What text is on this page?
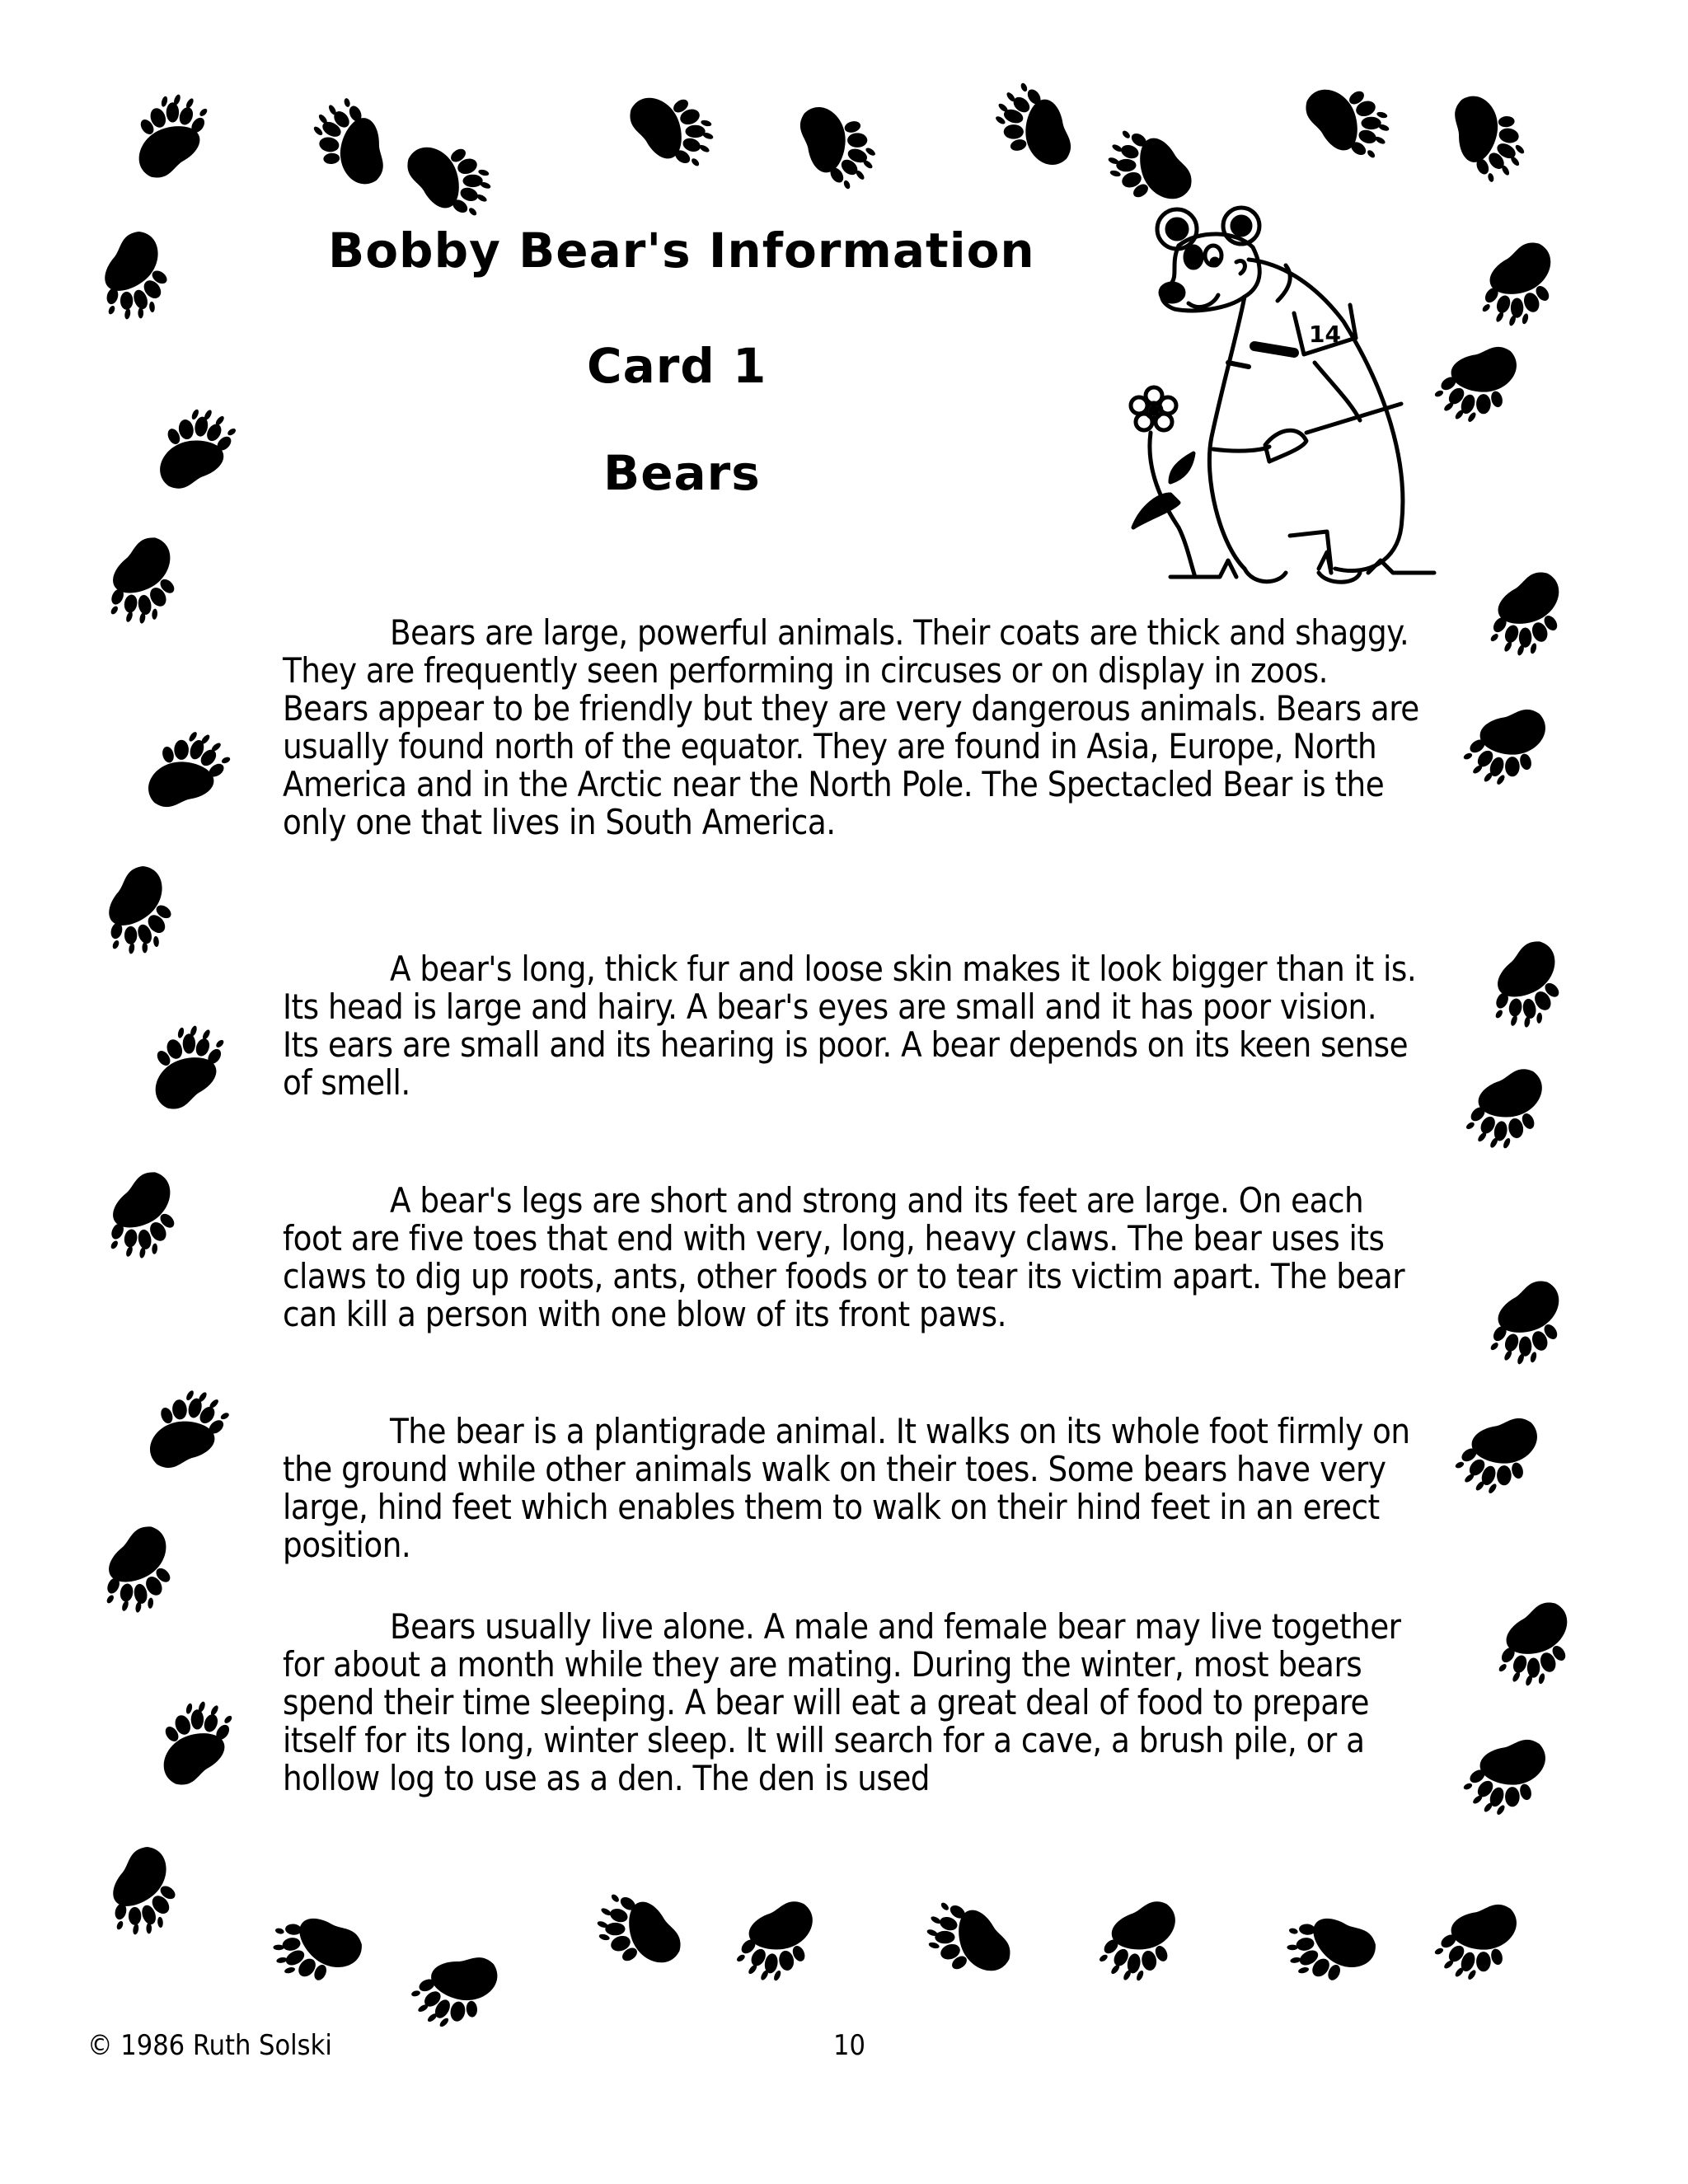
Bobby Bear's Information
Card 1
Bears
14

Bears are large, powerful animals. Their coats are thick and shaggy. They are frequently seen performing in circuses or on display in zoos. Bears appear to be friendly but they are very dangerous animals. Bears are usually found north of the equator. They are found in Asia, Europe, North America and in the Arctic near the North Pole. The Spectacled Bear is the only one that lives in South America.

A bear's long, thick fur and loose skin makes it look bigger than it is. Its head is large and hairy. A bear's eyes are small and it has poor vision. Its ears are small and its hearing is poor. A bear depends on its keen sense of smell.

A bear's legs are short and strong and its feet are large. On each foot are five toes that end with very, long, heavy claws. The bear uses its claws to dig up roots, ants, other foods or to tear its victim apart. The bear can kill a person with one blow of its front paws.

The bear is a plantigrade animal. It walks on its whole foot firmly on the ground while other animals walk on their toes. Some bears have very large, hind feet which enables them to walk on their hind feet in an erect position.

Bears usually live alone. A male and female bear may live together for about a month while they are mating. During the winter, most bears spend their time sleeping. A bear will eat a great deal of food to prepare itself for its long, winter sleep. It will search for a cave, a brush pile, or a hollow log to use as a den. The den is used

© 1986 Ruth Solski	10
